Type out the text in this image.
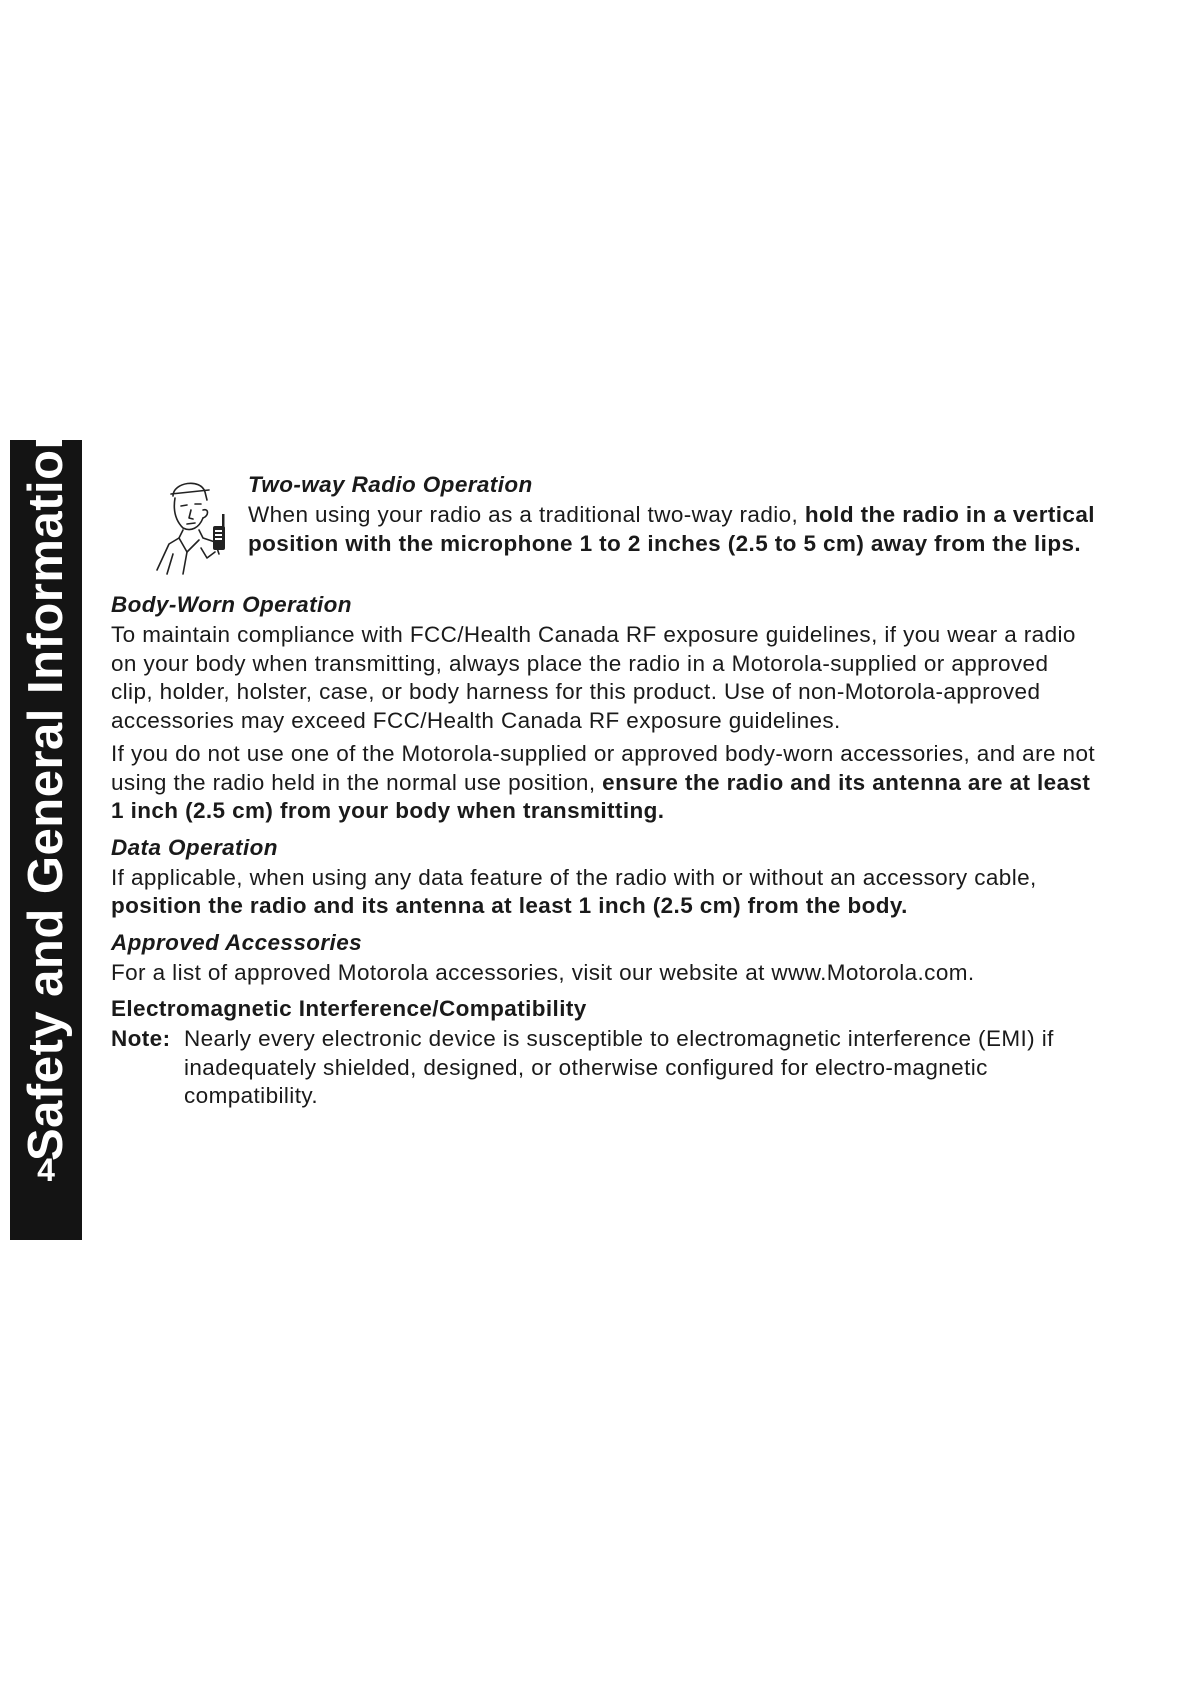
Safety and General Information
4

Two-way Radio Operation

When using your radio as a traditional two-way radio, hold the radio in a vertical position with the microphone 1 to 2 inches (2.5 to 5 cm) away from the lips.

Body-Worn Operation

To maintain compliance with FCC/Health Canada RF exposure guidelines, if you wear a radio on your body when transmitting, always place the radio in a Motorola-supplied or approved clip, holder, holster, case, or body harness for this product. Use of non-Motorola-approved accessories may exceed FCC/Health Canada RF exposure guidelines.

If you do not use one of the Motorola-supplied or approved body-worn accessories, and are not using the radio held in the normal use position, ensure the radio and its antenna are at least 1 inch (2.5 cm) from your body when transmitting.

Data Operation

If applicable, when using any data feature of the radio with or without an accessory cable, position the radio and its antenna at least 1 inch (2.5 cm) from the body.

Approved Accessories

For a list of approved Motorola accessories, visit our website at www.Motorola.com.

Electromagnetic Interference/Compatibility

Note: Nearly every electronic device is susceptible to electromagnetic interference (EMI) if inadequately shielded, designed, or otherwise configured for electro-magnetic compatibility.
